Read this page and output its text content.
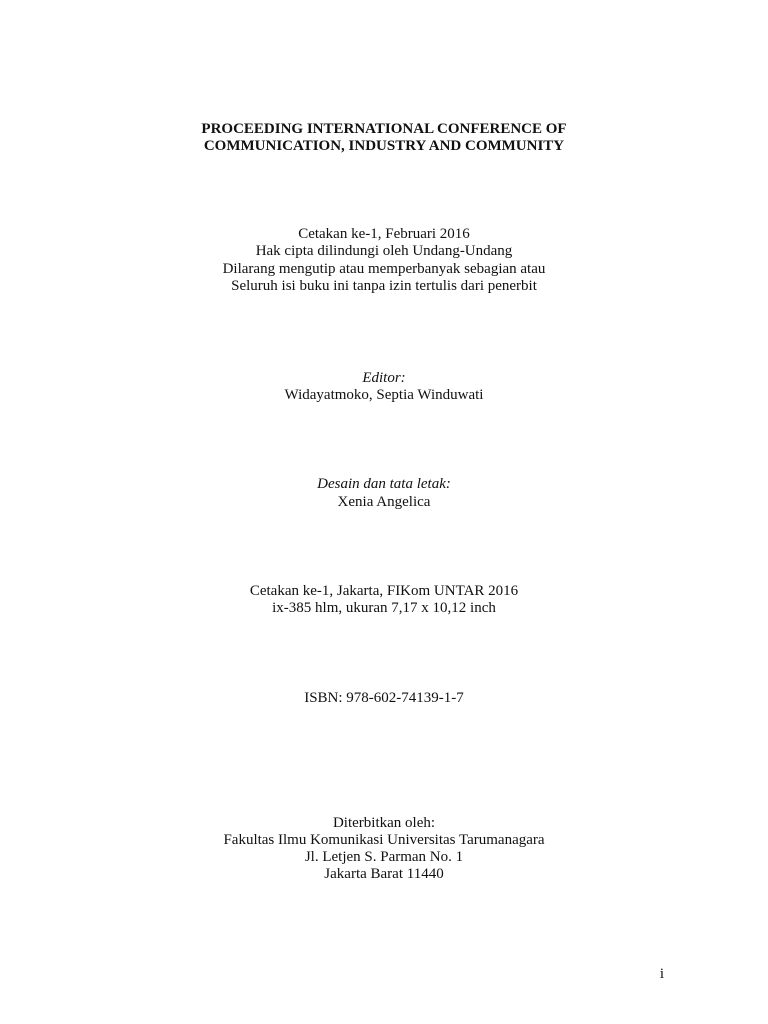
PROCEEDING INTERNATIONAL CONFERENCE OF
COMMUNICATION, INDUSTRY AND COMMUNITY
Cetakan ke-1, Februari 2016
Hak cipta dilindungi oleh Undang-Undang
Dilarang mengutip atau memperbanyak sebagian atau
Seluruh isi buku ini tanpa izin tertulis dari penerbit
Editor:
Widayatmoko, Septia Winduwati
Desain dan tata letak:
Xenia Angelica
Cetakan ke-1, Jakarta, FIKom UNTAR 2016
ix-385 hlm, ukuran 7,17 x 10,12 inch
ISBN: 978-602-74139-1-7
Diterbitkan oleh:
Fakultas Ilmu Komunikasi Universitas Tarumanagara
Jl. Letjen S. Parman No. 1
Jakarta Barat 11440
i
